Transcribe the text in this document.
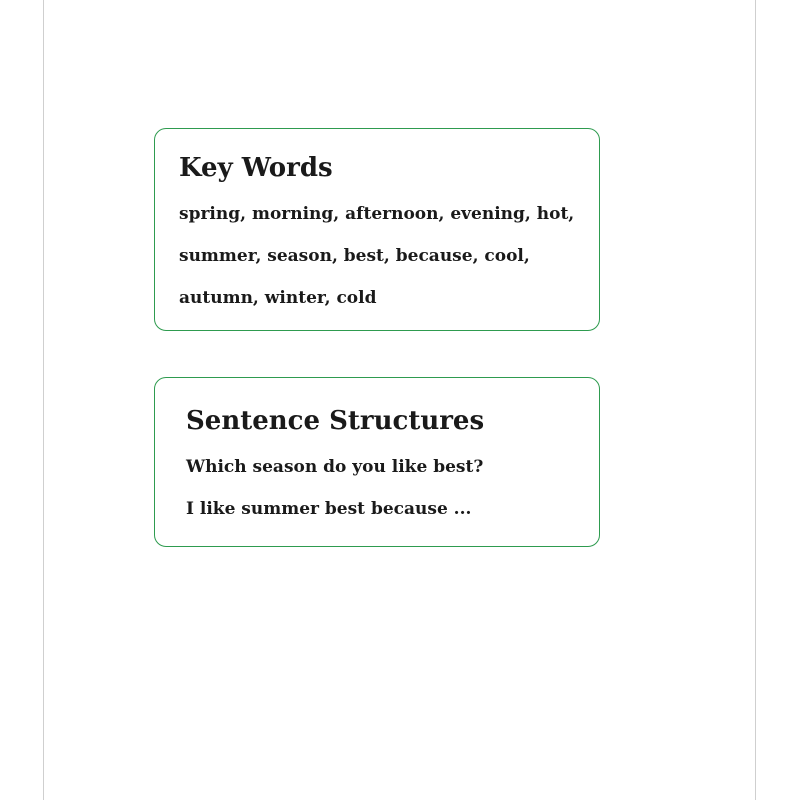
Key Words
spring, morning, afternoon, evening, hot,
summer, season, best, because, cool,
autumn, winter, cold
Sentence Structures
Which season do you like best?
I like summer best because ...
